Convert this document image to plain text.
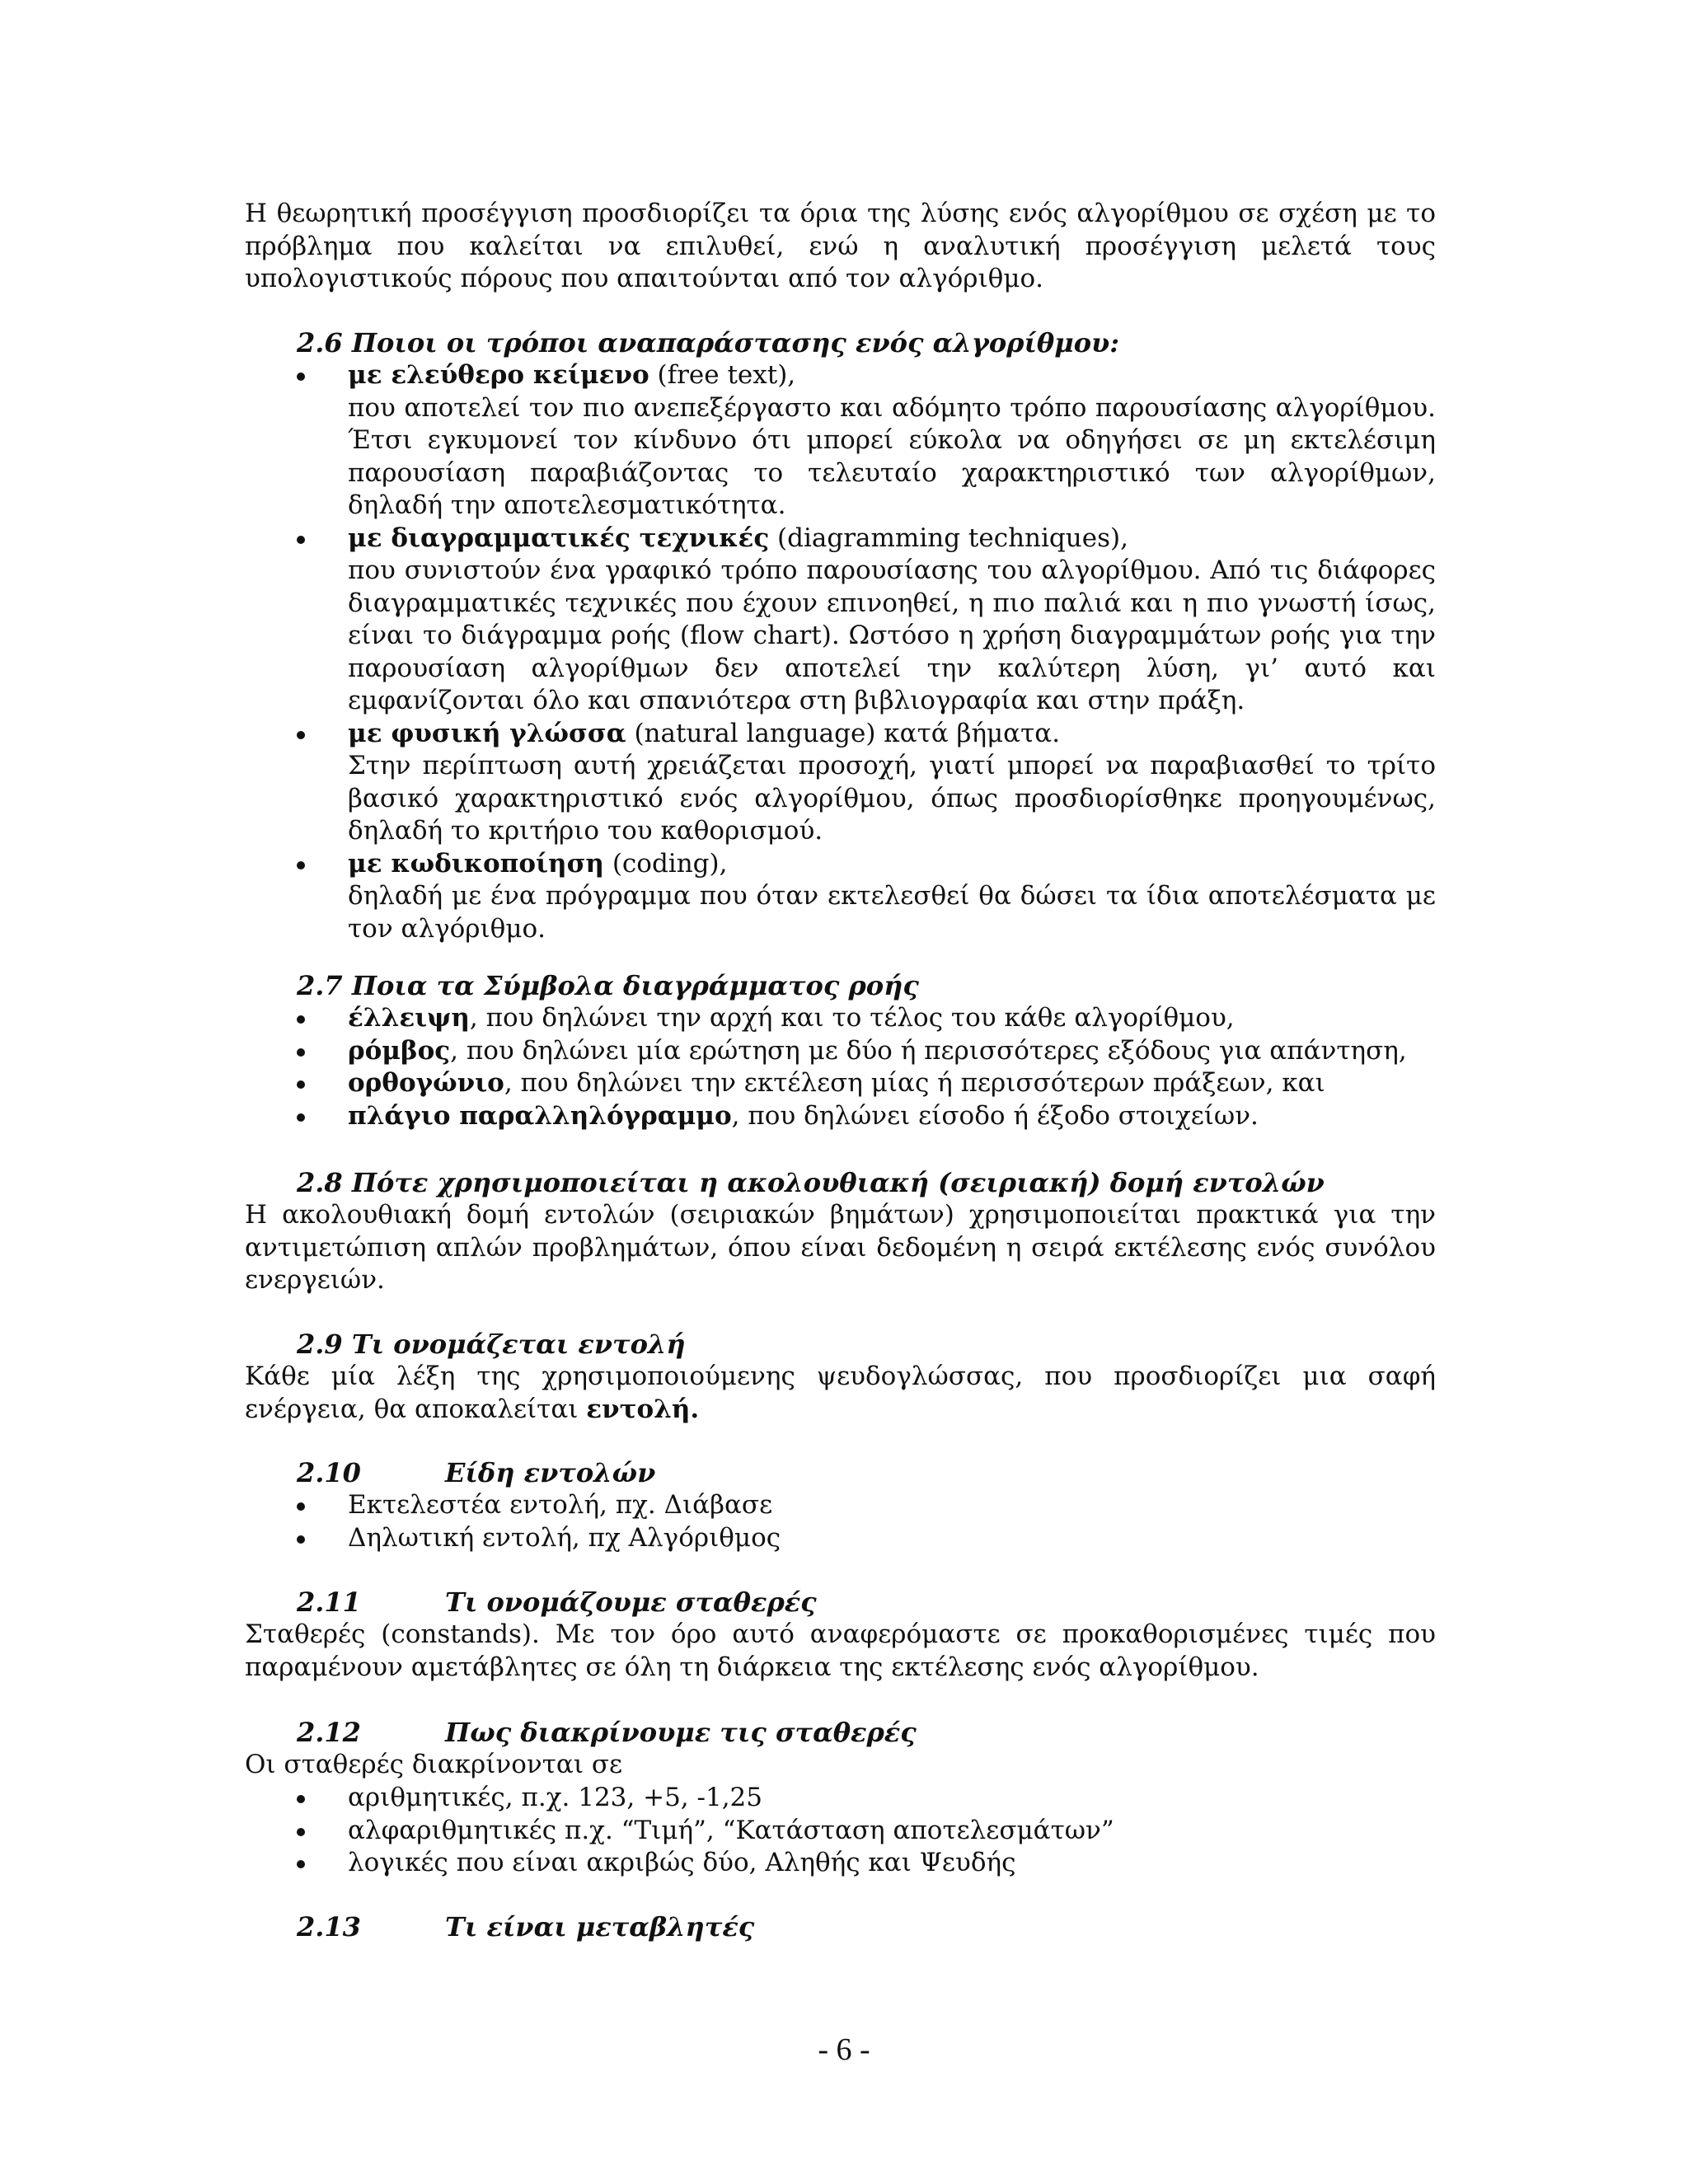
Η θεωρητική προσέγγιση προσδιορίζει τα όρια της λύσης ενός αλγορίθμου σε σχέση με το πρόβλημα που καλείται να επιλυθεί, ενώ η αναλυτική προσέγγιση μελετά τους υπολογιστικούς πόρους που απαιτούνται από τον αλγόριθμο.

2.6 Ποιοι οι τρόποι αναπαράστασης ενός αλγορίθμου:
με ελεύθερο κείμενο (free text),
που αποτελεί τον πιο ανεπεξέργαστο και αδόμητο τρόπο παρουσίασης αλγορίθμου. Έτσι εγκυμονεί τον κίνδυνο ότι μπορεί εύκολα να οδηγήσει σε μη εκτελέσιμη παρουσίαση παραβιάζοντας το τελευταίο χαρακτηριστικό των αλγορίθμων, δηλαδή την αποτελεσματικότητα.
με διαγραμματικές τεχνικές (diagramming techniques),
που συνιστούν ένα γραφικό τρόπο παρουσίασης του αλγορίθμου. Από τις διάφορες διαγραμματικές τεχνικές που έχουν επινοηθεί, η πιο παλιά και η πιο γνωστή ίσως, είναι το διάγραμμα ροής (flow chart). Ωστόσο η χρήση διαγραμμάτων ροής για την παρουσίαση αλγορίθμων δεν αποτελεί την καλύτερη λύση, γι’ αυτό και εμφανίζονται όλο και σπανιότερα στη βιβλιογραφία και στην πράξη.
με φυσική γλώσσα (natural language) κατά βήματα.
Στην περίπτωση αυτή χρειάζεται προσοχή, γιατί μπορεί να παραβιασθεί το τρίτο βασικό χαρακτηριστικό ενός αλγορίθμου, όπως προσδιορίσθηκε προηγουμένως, δηλαδή το κριτήριο του καθορισμού.
με κωδικοποίηση (coding),
δηλαδή με ένα πρόγραμμα που όταν εκτελεσθεί θα δώσει τα ίδια αποτελέσματα με τον αλγόριθμο.
2.7 Ποια τα Σύμβολα διαγράμματος ροής
έλλειψη, που δηλώνει την αρχή και το τέλος του κάθε αλγορίθμου,
ρόμβος, που δηλώνει μία ερώτηση με δύο ή περισσότερες εξόδους για απάντηση,
ορθογώνιο, που δηλώνει την εκτέλεση μίας ή περισσότερων πράξεων, και
πλάγιο παραλληλόγραμμο, που δηλώνει είσοδο ή έξοδο στοιχείων.
2.8 Πότε χρησιμοποιείται η ακολουθιακή (σειριακή) δομή εντολών

Η ακολουθιακή δομή εντολών (σειριακών βημάτων) χρησιμοποιείται πρακτικά για την αντιμετώπιση απλών προβλημάτων, όπου είναι δεδομένη η σειρά εκτέλεσης ενός συνόλου ενεργειών.

2.9 Τι ονομάζεται εντολή

Κάθε μία λέξη της χρησιμοποιούμενης ψευδογλώσσας, που προσδιορίζει μια σαφή ενέργεια, θα αποκαλείται εντολή.

2.10	Είδη εντολών
Εκτελεστέα εντολή, πχ. Διάβασε
Δηλωτική εντολή, πχ Αλγόριθμος
2.11	Τι ονομάζουμε σταθερές

Σταθερές (constands). Με τον όρο αυτό αναφερόμαστε σε προκαθορισμένες τιμές που παραμένουν αμετάβλητες σε όλη τη διάρκεια της εκτέλεσης ενός αλγορίθμου.

2.12	Πως διακρίνουμε τις σταθερές

Οι σταθερές διακρίνονται σε

αριθμητικές, π.χ. 123, +5, -1,25
αλφαριθμητικές π.χ. “Τιμή”, “Κατάσταση αποτελεσμάτων”
λογικές που είναι ακριβώς δύο, Αληθής και Ψευδής
2.13	Τι είναι μεταβλητές
- 6 -
